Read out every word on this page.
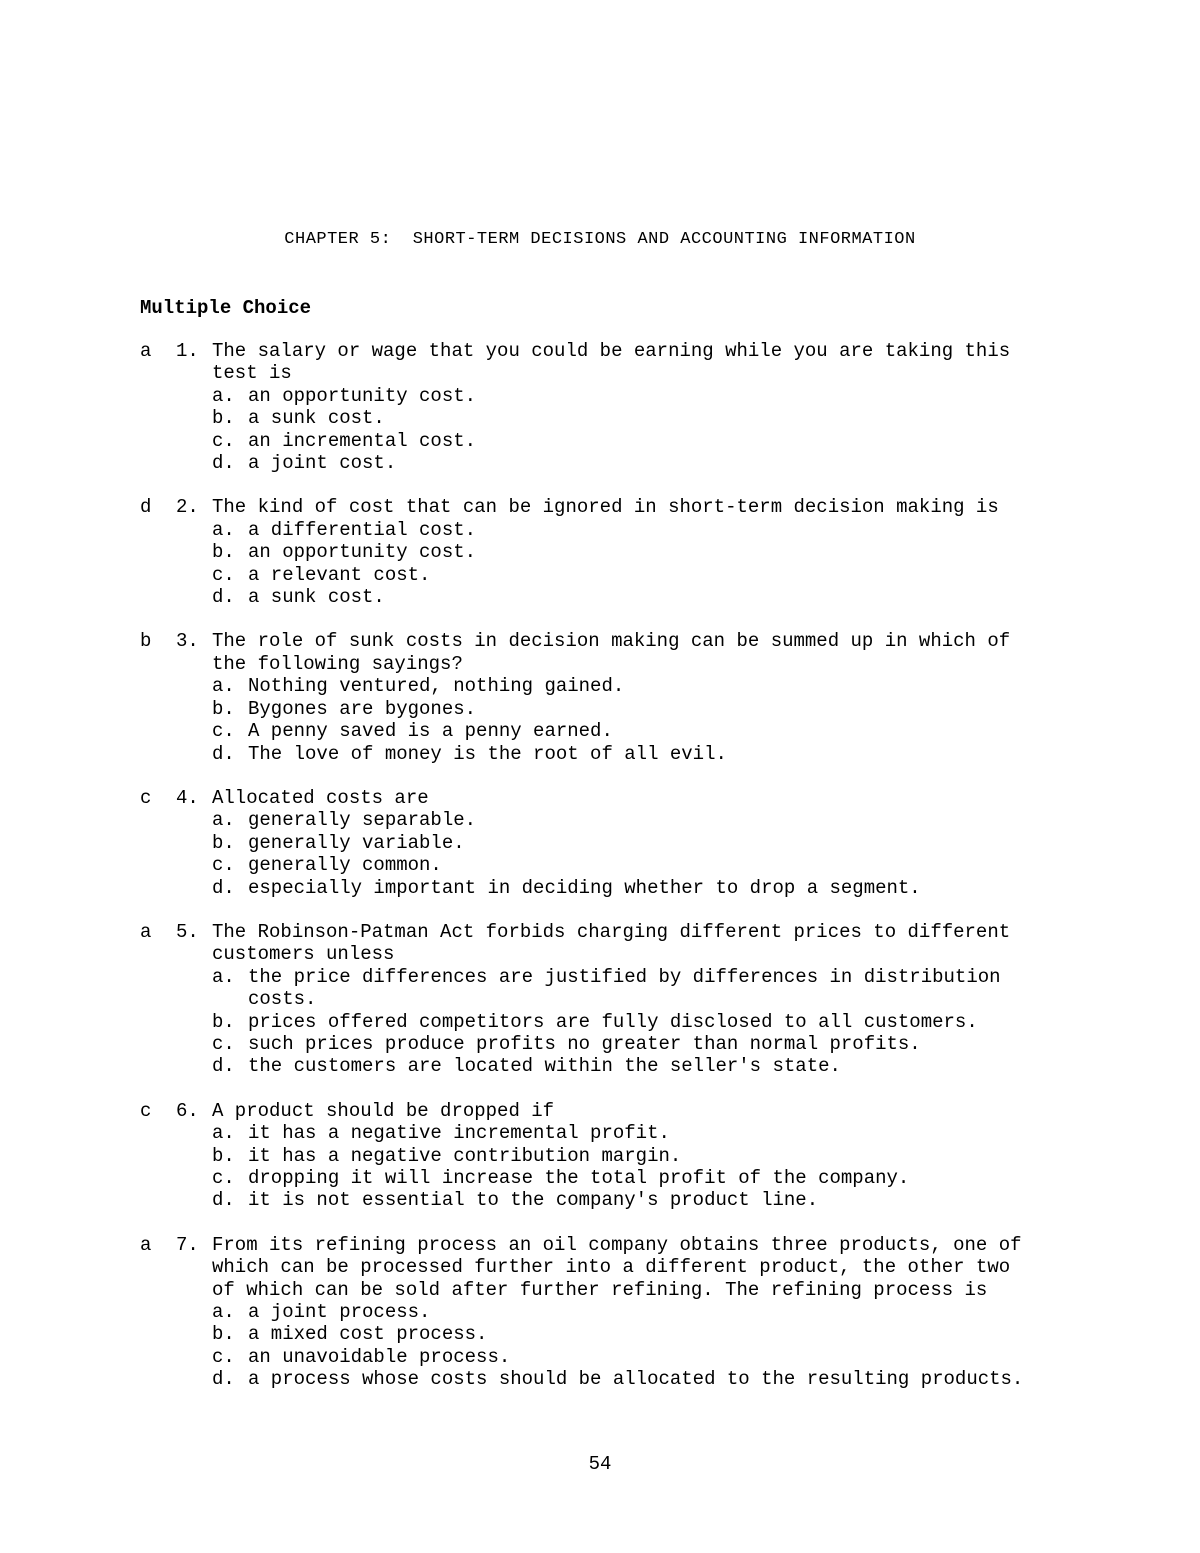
CHAPTER 5:  SHORT-TERM DECISIONS AND ACCOUNTING INFORMATION
Multiple Choice
a 1. The salary or wage that you could be earning while you are taking this
test is
a. an opportunity cost.
b. a sunk cost.
c. an incremental cost.
d. a joint cost.
d 2. The kind of cost that can be ignored in short-term decision making is
a. a differential cost.
b. an opportunity cost.
c. a relevant cost.
d. a sunk cost.
b 3. The role of sunk costs in decision making can be summed up in which of
the following sayings?
a. Nothing ventured, nothing gained.
b. Bygones are bygones.
c. A penny saved is a penny earned.
d. The love of money is the root of all evil.
c 4. Allocated costs are
a. generally separable.
b. generally variable.
c. generally common.
d. especially important in deciding whether to drop a segment.
a 5. The Robinson-Patman Act forbids charging different prices to different
customers unless
a. the price differences are justified by differences in distribution
costs.
b. prices offered competitors are fully disclosed to all customers.
c. such prices produce profits no greater than normal profits.
d. the customers are located within the seller's state.
c 6. A product should be dropped if
a. it has a negative incremental profit.
b. it has a negative contribution margin.
c. dropping it will increase the total profit of the company.
d. it is not essential to the company's product line.
a 7. From its refining process an oil company obtains three products, one of
which can be processed further into a different product, the other two
of which can be sold after further refining. The refining process is
a. a joint process.
b. a mixed cost process.
c. an unavoidable process.
d. a process whose costs should be allocated to the resulting products.
54
